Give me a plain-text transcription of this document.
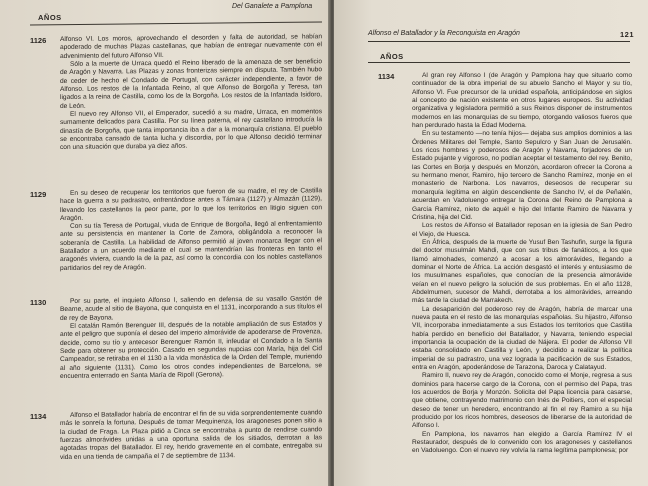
Del Ganalete a Pamplona
AÑOS
1126 Alfonso VI. Los moros, aprovechando el desorden y falta de autoridad, se habían apoderado de muchas Plazas castellanas, que habían de entregar nuevamente con el advenimiento del futuro Alfonso VII.

Sólo a la muerte de Urraca quedó el Reino liberado de la amenaza de ser beneficio de Aragón y Navarra. Las Plazas y zonas fronterizas siempre en disputa. También hubo de ceder de hecho el Condado de Portugal, con carácter independiente, a favor de Alfonso. Los restos de la Infantada Reino, al que Alfonso de Borgoña y Teresa, tan ligados a la reina de Castilla, como los de la Borgoña. Los restos de la Infantada Isidoro, de León.

El nuevo rey Alfonso VII, el Emperador, sucedió a su madre, Urraca, en momentos sumamente delicados para Castilla. Por su línea paterna, el rey castellano introducía la dinastía de Borgoña, que tanta importancia iba a dar a la monarquía cristiana. El pueblo se encontraba cansado de tanta lucha y discordia, por lo que Alfonso decidió terminar con una situación que duraba ya diez años.

1129	En su deseo de recuperar los territorios que fueron de su madre, el rey de Castilla hace la guerra a su padrastro, enfrentándose antes a Támara (1127) y Almazán (1129), llevando los castellanos la peor parte, por lo que los territorios en litigio siguen con Aragón.

Con su tía Teresa de Portugal, viuda de Enrique de Borgoña, llegó al enfrentamiento ante su persistencia en mantener la Corte de Zamora, obligándola a reconocer la soberanía de Castilla. La habilidad de Alfonso permitió al joven monarca llegar con el Batallador a un acuerdo mediante el cual se mantendrían las fronteras en tanto el aragonés viviera, cuando la de la paz, así como la concordia con los nobles castellanos partidarios del rey de Aragón.

1130	Por su parte, el inquieto Alfonso I, saliendo en defensa de su vasallo Gastón de Bearne, acude al sitio de Bayona, que conquista en el 1131, incorporando a sus títulos el de rey de Bayona.

El catalán Ramón Berenguer III, después de la notable ampliación de sus Estados y ante el peligro que suponía el deseo del imperio almorávide de apoderarse de Provenza, decide, como su tío y antecesor Berenguer Ramón II, infeudar el Condado a la Santa Sede para obtener su protección. Casado en segundas nupcias con María, hija del Cid Campeador, se retiraba en el 1130 a la vida monástica de la Orden del Temple, muriendo al año siguiente (1131). Como los otros condes independientes de Barcelona, se encuentra enterrado en Santa María de Ripoll (Gerona).

1134	Alfonso el Batallador habría de encontrar el fin de su vida sorprendentemente cuando más le sonreía la fortuna. Después de tomar Mequinenza, los aragoneses ponen sitio a la ciudad de Fraga. La Plaza pidió a Cinca se encontraba a punto de rendirse cuando fuerzas almorávides unidas a una oportuna salida de los sitiados, derrotan a las agotadas tropas del Batallador. El rey, herido gravemente en el combate, entregaba su vida en una tienda de campaña el 7 de septiembre de 1134.

Alfonso el Batallador y la Reconquista en Aragón	121
AÑOS
1134	Al gran rey Alfonso I (de Aragón y Pamplona hay que situarlo como continuador de la obra imperial de su abuelo Sancho el Mayor y su tío, Alfonso VI. Fue precursor de la unidad española, anticipándose en siglos al concepto de nación existente en otros lugares europeos. Su actividad organizativa y legisladora permitió a sus Reinos disponer de instrumentos modernos en las monarquías de su tiempo, otorgando valiosos fueros que han perdurado hasta la Edad Moderna.

En su testamento —no tenía hijos— dejaba sus amplios dominios a las Órdenes Militares del Temple, Santo Sepulcro y San Juan de Jerusalén. Los ricos hombres y poderosos de Aragón y Navarra, forjadores de un Estado pujante y vigoroso, no podían aceptar el testamento del rey. Benito, las Cortes en Borja y después en Monzón, acordaron ofrecer la Corona a su hermano menor, Ramiro, hijo tercero de Sancho Ramírez, monje en el monasterio de Narbona. Los navarros, deseosos de recuperar su monarquía legítima en algún descendiente de Sancho IV, el de Peñalén, acuerdan en Vadoluengo entregar la Corona del Reino de Pamplona a García Ramírez, nieto de aquél e hijo del Infante Ramiro de Navarra y Cristina, hija del Cid.

Los restos de Alfonso el Batallador reposan en la iglesia de San Pedro el Viejo, de Huesca.

En África, después de la muerte de Yusuf Ben Tashufin, surge la figura del doctor musulmán Mahdi, que con sus tribus de fanáticos, a los que llamó almohades, comenzó a acosar a los almorávides, llegando a dominar el Norte de África. La acción desgastó el interés y entusiasmo de los musulmanes españoles, que conocían de la presencia almorávide veían en el nuevo peligro la solución de sus problemas. En el año 1128, Abdelmumen, sucesor de Mahdi, derrotaba a los almorávides, arreando más tarde la ciudad de Marrakech.

La desaparición del poderoso rey de Aragón, habría de marcar una nueva pauta en el resto de las monarquías españolas. Su hijastro, Alfonso VII, incorporaba inmediatamente a sus Estados los territorios que Castilla había perdido en beneficio del Batallador, y Navarra, teniendo especial importancia la ocupación de la ciudad de Nájera. El poder de Alfonso VII estaba consolidado en Castilla y León, y decidido a realizar la política imperial de su padrastro, una vez lograda la pacificación de sus Estados, entra en Aragón, apoderándose de Tarazona, Daroca y Calatayud.

Ramiro II, nuevo rey de Aragón, conocido como el Monje, regresa a sus dominios para hacerse cargo de la Corona, con el permiso del Papa, tras los acuerdos de Borja y Monzón. Solicita del Papa licencia para casarse, que obtiene, contrayendo matrimonio con Inés de Poitiers, con el especial deseo de tener un heredero, encontrando al fin el rey Ramiro a su hija producido por los ricos hombres, deseosos de liberarse de la autoridad de Alfonso I.

En Pamplona, los navarros han elegido a García Ramírez IV el Restaurador, después de lo convenido con los aragoneses y castellanos en Vadoluengo. Con el nuevo rey volvía la rama legítima pamplonesa; por
